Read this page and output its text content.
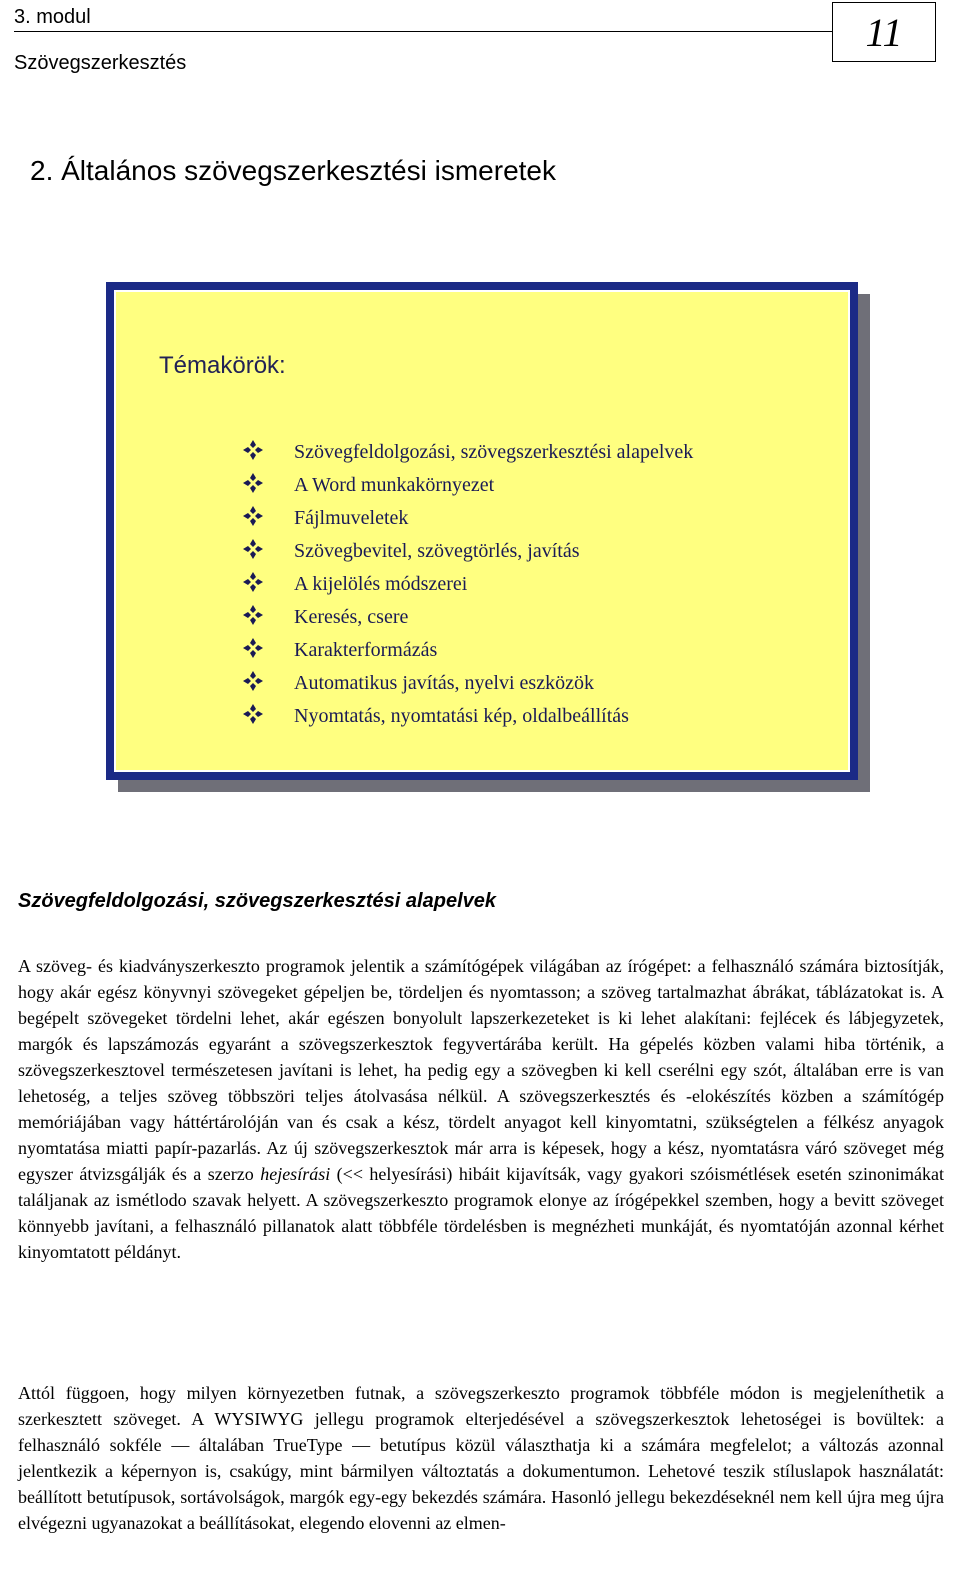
3. modul
Szövegszerkesztés
11
2. Általános szövegszerkesztési ismeretek
Témakörök:
Szövegfeldolgozási, szövegszerkesztési alapelvek
A Word munkakörnyezet
Fájlmuveletek
Szövegbevitel, szövegtörlés, javítás
A kijelölés módszerei
Keresés, csere
Karakterformázás
Automatikus javítás, nyelvi eszközök
Nyomtatás, nyomtatási kép, oldalbeállítás
Szövegfeldolgozási, szövegszerkesztési alapelvek

A szöveg- és kiadványszerkeszto programok jelentik a számítógépek világában az írógépet: a felhasználó számára biztosítják, hogy akár egész könyvnyi szövegeket gépeljen be, tördeljen és nyomtasson; a szöveg tartalmazhat ábrákat, táblázatokat is. A begépelt szövegeket tördelni lehet, akár egészen bonyolult lapszerkezeteket is ki lehet alakítani: fejlécek és lábjegyzetek, margók és lapszámozás egyaránt a szövegszerkesztok fegyvertárába került. Ha gépelés közben valami hiba történik, a szövegszerkesztovel természetesen javítani is lehet, ha pedig egy a szövegben ki kell cserélni egy szót, általában erre is van lehetoség, a teljes szöveg többszöri teljes átolvasása nélkül. A szövegszerkesztés és -elokészítés közben a számítógép memóriájában vagy háttértárolóján van és csak a kész, tördelt anyagot kell kinyomtatni, szükségtelen a félkész anyagok nyomtatása miatti papír-pazarlás. Az új szövegszerkesztok már arra is képesek, hogy a kész, nyomtatásra váró szöveget még egyszer átvizsgálják és a szerzo hejesírási (<< helyesírási) hibáit kijavítsák, vagy gyakori szóismétlések esetén szinonimákat találjanak az ismétlodo szavak helyett. A szövegszerkeszto programok elonye az írógépekkel szemben, hogy a bevitt szöveget könnyebb javítani, a felhasználó pillanatok alatt többféle tördelésben is megnézheti munkáját, és nyomtatóján azonnal kérhet kinyomtatott példányt.

Attól függoen, hogy milyen környezetben futnak, a szövegszerkeszto programok többféle módon is megjeleníthetik a szerkesztett szöveget. A WYSIWYG jellegu programok elterjedésével a szövegszerkesztok lehetoségei is bovültek: a felhasználó sokféle — általában TrueType — betutípus közül választhatja ki a számára megfelelot; a változás azonnal jelentkezik a képernyon is, csakúgy, mint bármilyen változtatás a dokumentumon. Lehetové teszik stíluslapok használatát: beállított betutípusok, sortávolságok, margók egy-egy bekezdés számára. Hasonló jellegu bekezdéseknél nem kell újra meg újra elvégezni ugyanazokat a beállításokat, elegendo elovenni az elmen-
